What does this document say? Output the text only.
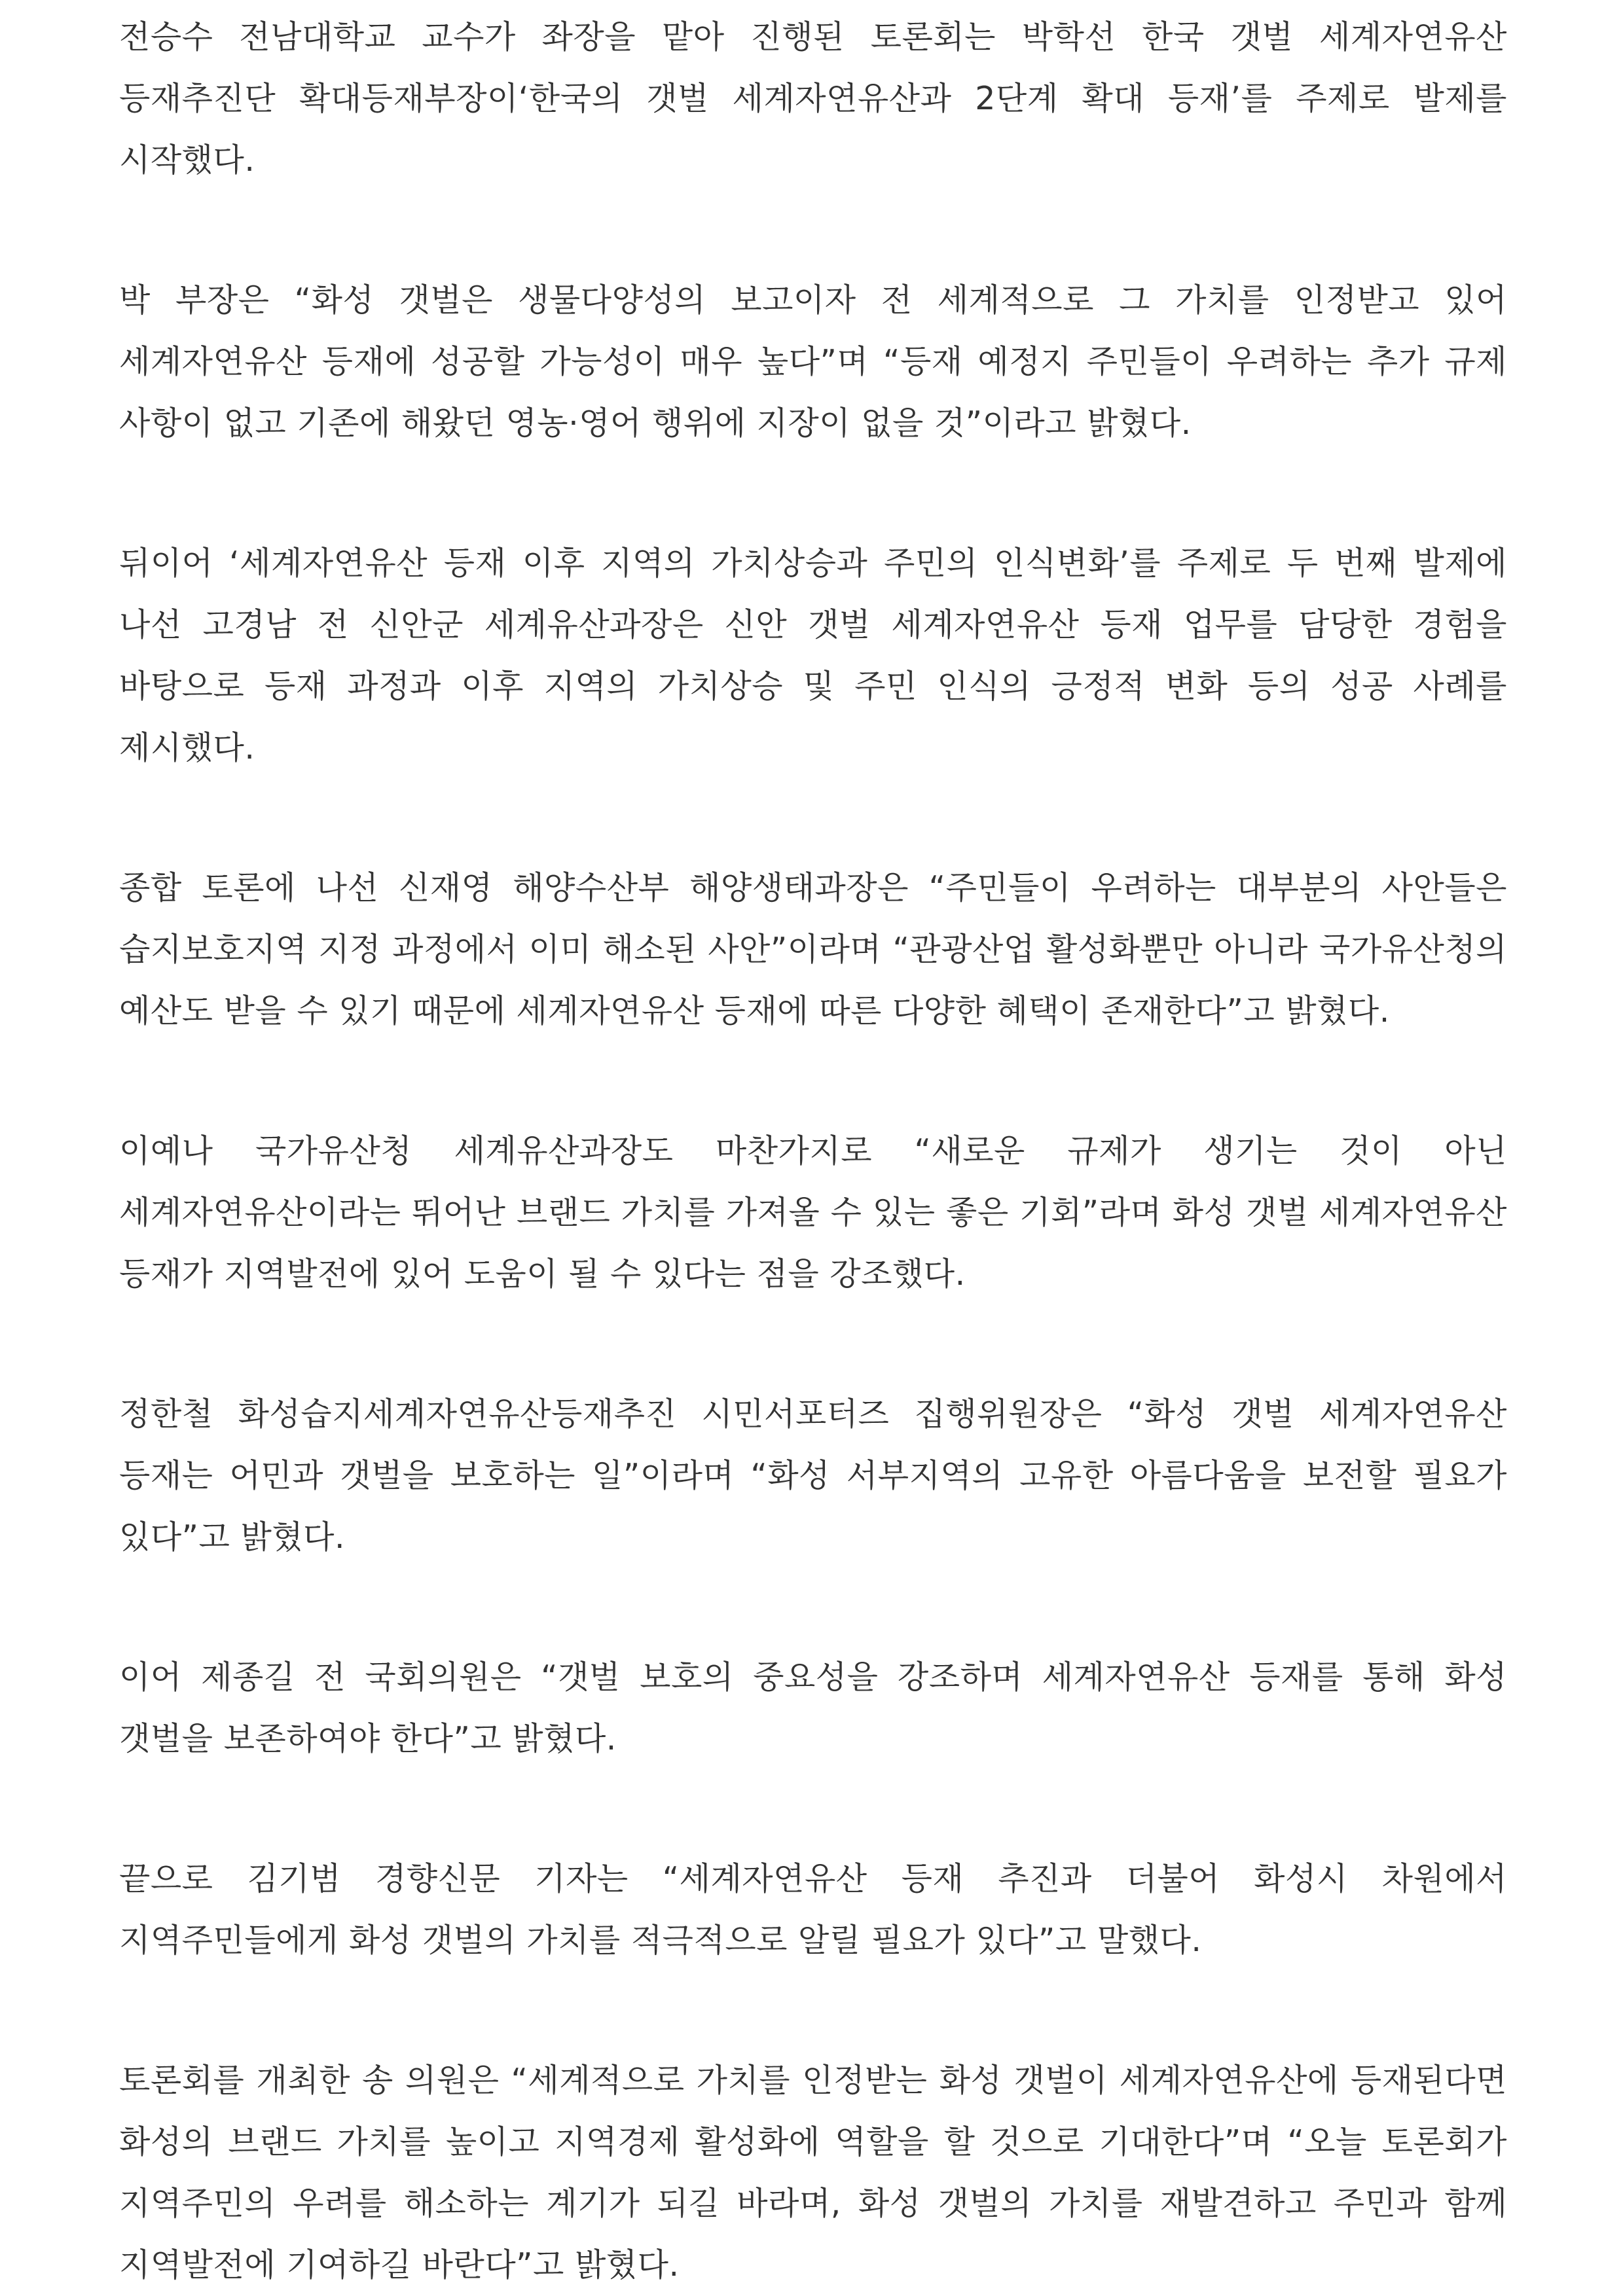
전승수 전남대학교 교수가 좌장을 맡아 진행된 토론회는 박학선 한국 갯벌 세계자연유산 등재추진단 확대등재부장이‘한국의 갯벌 세계자연유산과 2단계 확대 등재’를 주제로 발제를 시작했다.

박 부장은 “화성 갯벌은 생물다양성의 보고이자 전 세계적으로 그 가치를 인정받고 있어 세계자연유산 등재에 성공할 가능성이 매우 높다”며 “등재 예정지 주민들이 우려하는 추가 규제 사항이 없고 기존에 해왔던 영농·영어 행위에 지장이 없을 것”이라고 밝혔다.

뒤이어 ‘세계자연유산 등재 이후 지역의 가치상승과 주민의 인식변화’를 주제로 두 번째 발제에 나선 고경남 전 신안군 세계유산과장은 신안 갯벌 세계자연유산 등재 업무를 담당한 경험을 바탕으로 등재 과정과 이후 지역의 가치상승 및 주민 인식의 긍정적 변화 등의 성공 사례를 제시했다.

종합 토론에 나선 신재영 해양수산부 해양생태과장은 “주민들이 우려하는 대부분의 사안들은 습지보호지역 지정 과정에서 이미 해소된 사안”이라며 “관광산업 활성화뿐만 아니라 국가유산청의 예산도 받을 수 있기 때문에 세계자연유산 등재에 따른 다양한 혜택이 존재한다”고 밝혔다.

이예나 국가유산청 세계유산과장도 마찬가지로 “새로운 규제가 생기는 것이 아닌 세계자연유산이라는 뛰어난 브랜드 가치를 가져올 수 있는 좋은 기회”라며 화성 갯벌 세계자연유산 등재가 지역발전에 있어 도움이 될 수 있다는 점을 강조했다.

정한철 화성습지세계자연유산등재추진 시민서포터즈 집행위원장은 “화성 갯벌 세계자연유산 등재는 어민과 갯벌을 보호하는 일”이라며 “화성 서부지역의 고유한 아름다움을 보전할 필요가 있다”고 밝혔다.

이어 제종길 전 국회의원은 “갯벌 보호의 중요성을 강조하며 세계자연유산 등재를 통해 화성 갯벌을 보존하여야 한다”고 밝혔다.

끝으로 김기범 경향신문 기자는 “세계자연유산 등재 추진과 더불어 화성시 차원에서 지역주민들에게 화성 갯벌의 가치를 적극적으로 알릴 필요가 있다”고 말했다.

토론회를 개최한 송 의원은 “세계적으로 가치를 인정받는 화성 갯벌이 세계자연유산에 등재된다면 화성의 브랜드 가치를 높이고 지역경제 활성화에 역할을 할 것으로 기대한다”며 “오늘 토론회가 지역주민의 우려를 해소하는 계기가 되길 바라며, 화성 갯벌의 가치를 재발견하고 주민과 함께 지역발전에 기여하길 바란다”고 밝혔다.
